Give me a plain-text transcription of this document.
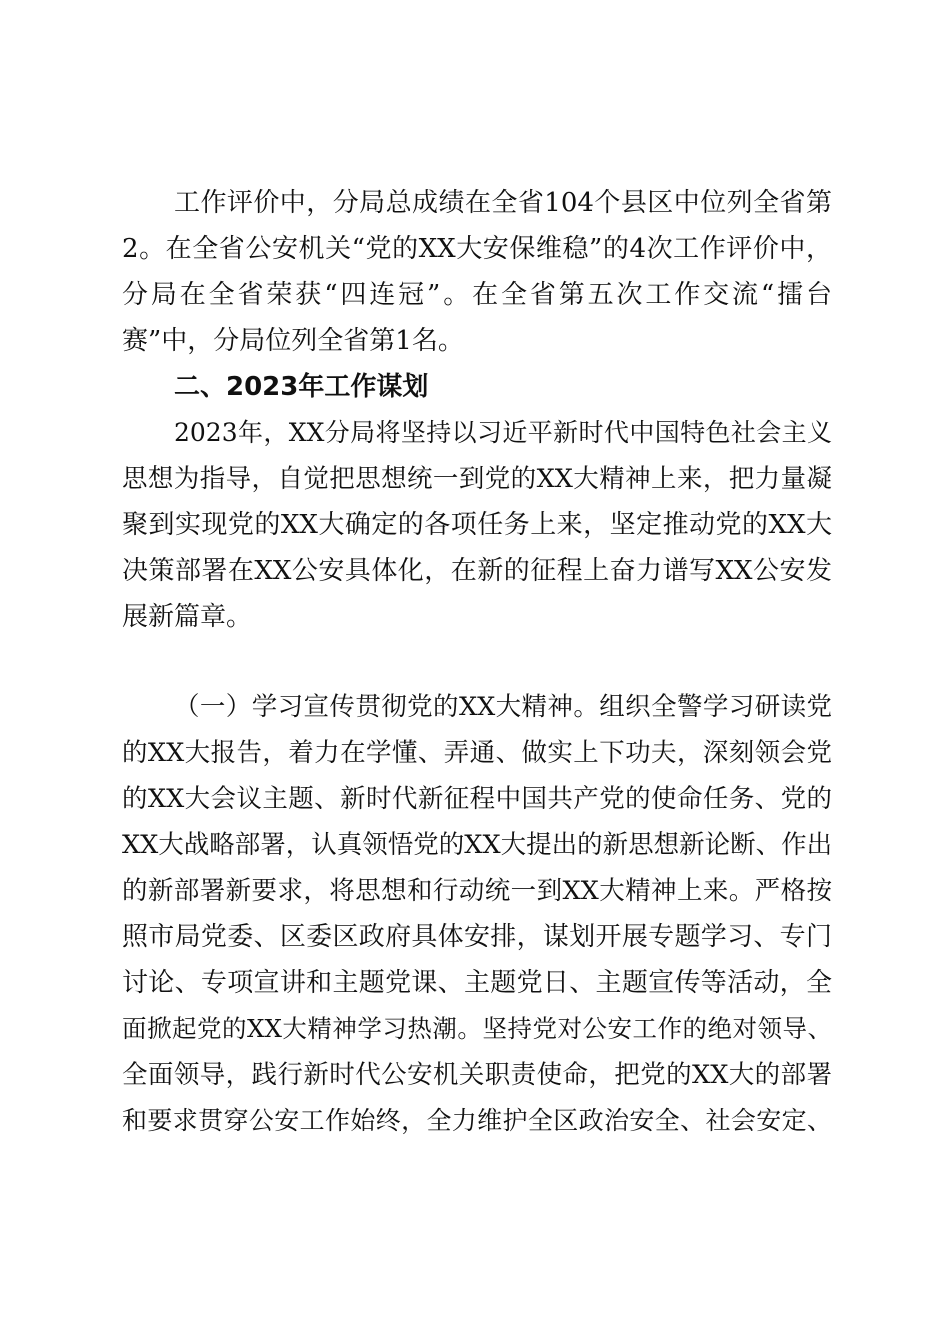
工作评价中，分局总成绩在全省104个县区中位列全省第
2。在全省公安机关“党的XX大安保维稳”的4次工作评价中，
分局在全省荣获“四连冠”。在全省第五次工作交流“擂台
赛”中，分局位列全省第1名。
二、2023年工作谋划
2023年，XX分局将坚持以习近平新时代中国特色社会主义
思想为指导，自觉把思想统一到党的XX大精神上来，把力量凝
聚到实现党的XX大确定的各项任务上来，坚定推动党的XX大
决策部署在XX公安具体化，在新的征程上奋力谱写XX公安发
展新篇章。
（一）学习宣传贯彻党的XX大精神。组织全警学习研读党
的XX大报告，着力在学懂、弄通、做实上下功夫，深刻领会党
的XX大会议主题、新时代新征程中国共产党的使命任务、党的
XX大战略部署，认真领悟党的XX大提出的新思想新论断、作出
的新部署新要求，将思想和行动统一到XX大精神上来。严格按
照市局党委、区委区政府具体安排，谋划开展专题学习、专门
讨论、专项宣讲和主题党课、主题党日、主题宣传等活动，全
面掀起党的XX大精神学习热潮。坚持党对公安工作的绝对领导、
全面领导，践行新时代公安机关职责使命，把党的XX大的部署
和要求贯穿公安工作始终，全力维护全区政治安全、社会安定、
